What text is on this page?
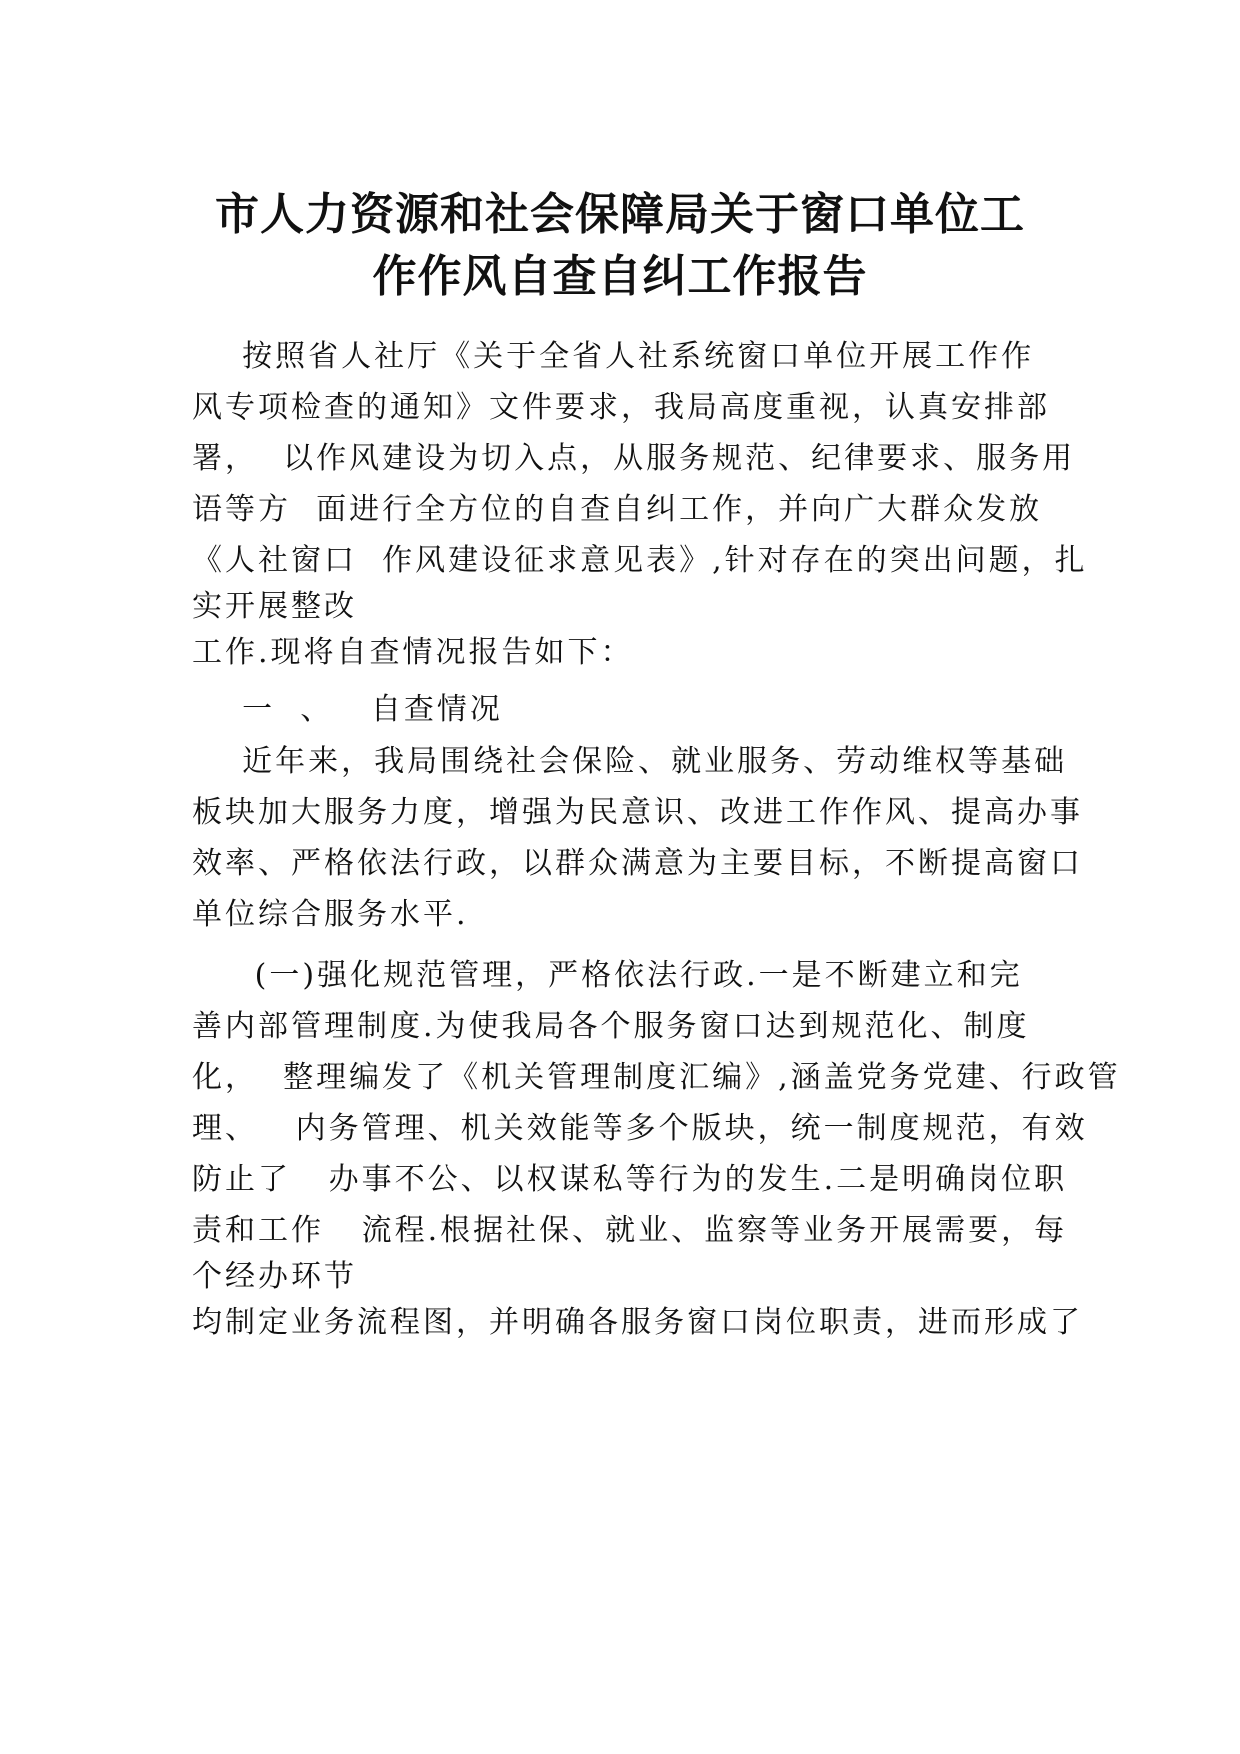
市人力资源和社会保障局关于窗口单位工
作作风自查自纠工作报告
按照省人社厅《关于全省人社系统窗口单位开展工作作
风专项检查的通知》文件要求，我局高度重视，认真安排部
署，  以作风建设为切入点，从服务规范、纪律要求、服务用
语等方  面进行全方位的自查自纠工作，并向广大群众发放
《人社窗口  作风建设征求意见表》,针对存在的突出问题，扎
实开展整改
工作.现将自查情况报告如下：
一  、   自查情况
近年来，我局围绕社会保险、就业服务、劳动维权等基础
板块加大服务力度，增强为民意识、改进工作作风、提高办事
效率、严格依法行政，以群众满意为主要目标，不断提高窗口
单位综合服务水平.
(一)强化规范管理，严格依法行政.一是不断建立和完
善内部管理制度.为使我局各个服务窗口达到规范化、制度
化，  整理编发了《机关管理制度汇编》,涵盖党务党建、行政管
理、   内务管理、机关效能等多个版块，统一制度规范，有效
防止了   办事不公、以权谋私等行为的发生.二是明确岗位职
责和工作   流程.根据社保、就业、监察等业务开展需要，每
个经办环节
均制定业务流程图，并明确各服务窗口岗位职责，进而形成了
